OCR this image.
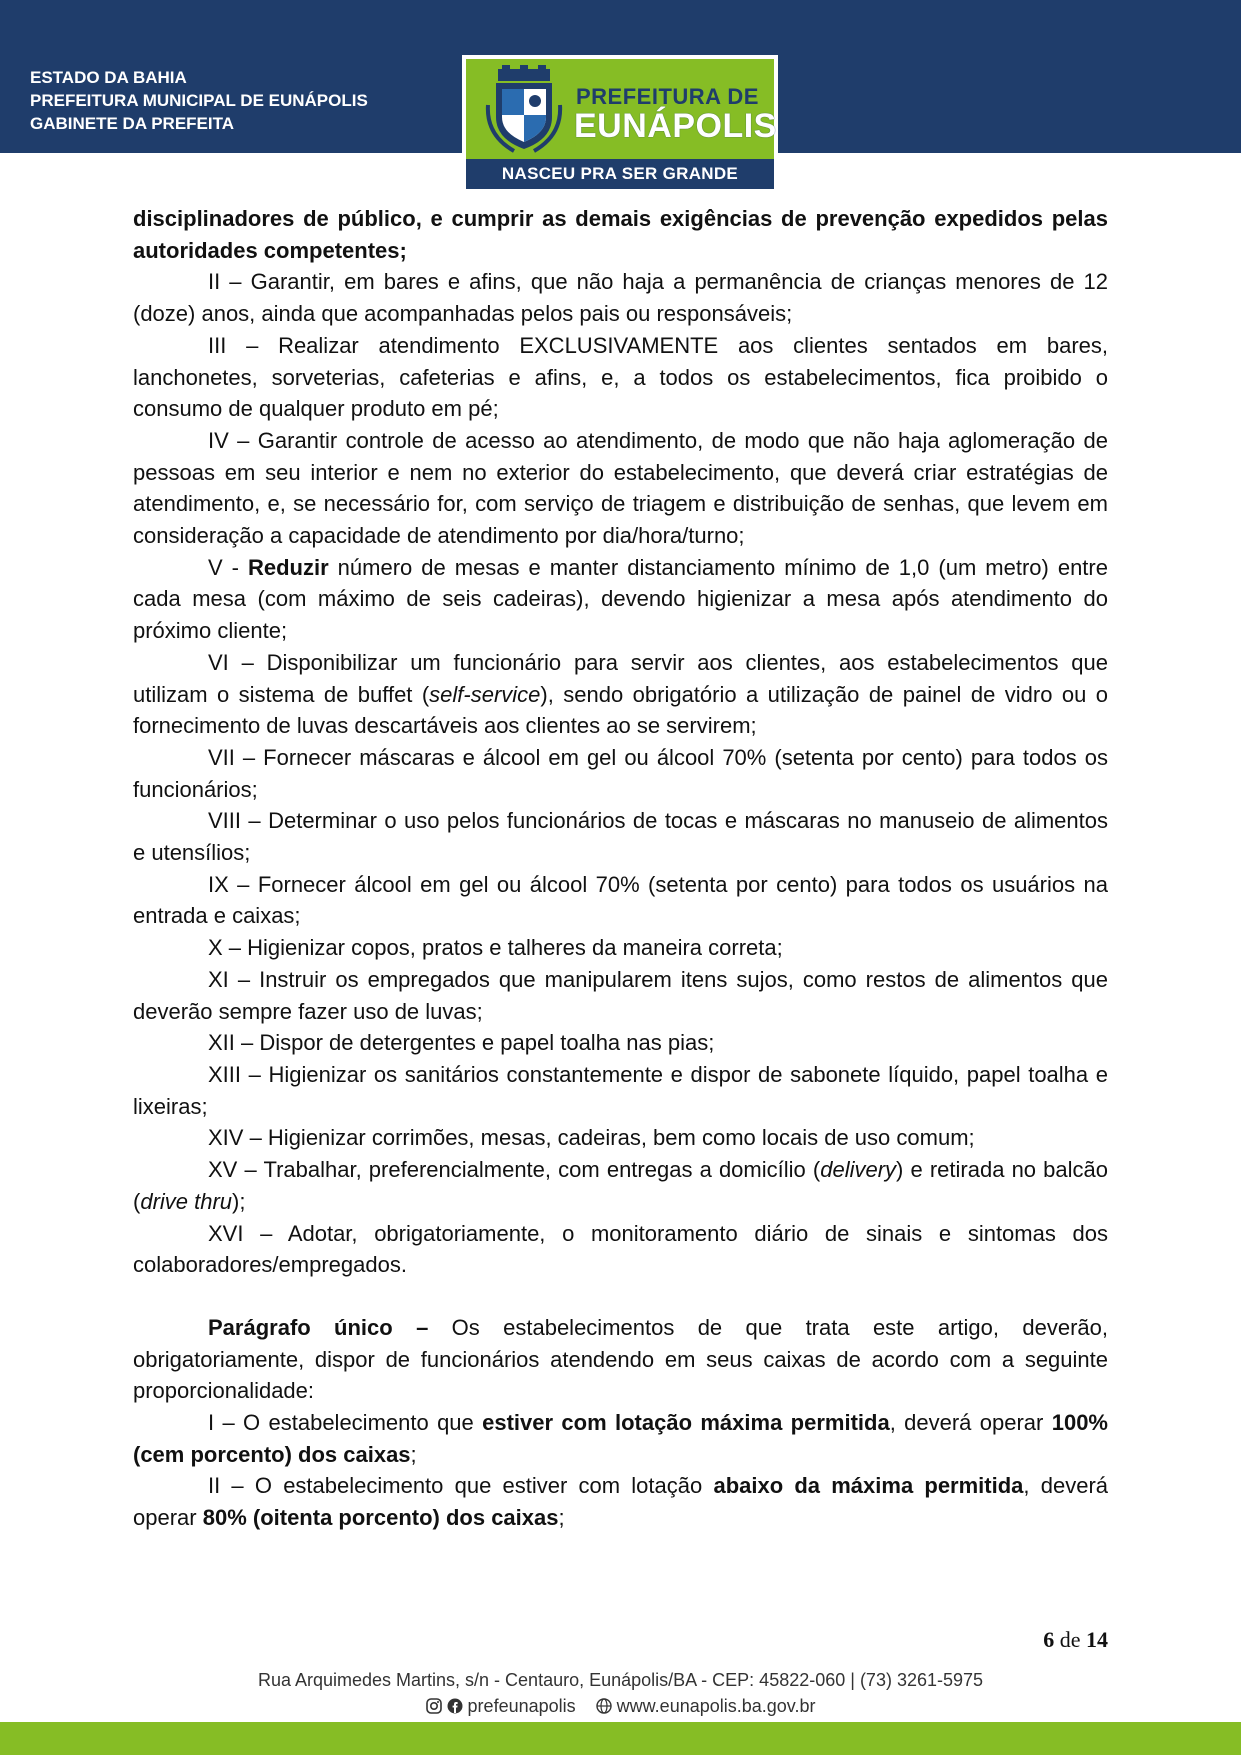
ESTADO DA BAHIA
PREFEITURA MUNICIPAL DE EUNÁPOLIS
GABINETE DA PREFEITA
PREFEITURA DE
EUNÁPOLIS
NASCEU PRA SER GRANDE

disciplinadores de público, e cumprir as demais exigências de prevenção expedidos pelas autoridades competentes;

II – Garantir, em bares e afins, que não haja a permanência de crianças menores de 12 (doze) anos, ainda que acompanhadas pelos pais ou responsáveis;

III – Realizar atendimento EXCLUSIVAMENTE aos clientes sentados em bares, lanchonetes, sorveterias, cafeterias e afins, e, a todos os estabelecimentos, fica proibido o consumo de qualquer produto em pé;

IV – Garantir controle de acesso ao atendimento, de modo que não haja aglomeração de pessoas em seu interior e nem no exterior do estabelecimento, que deverá criar estratégias de atendimento, e, se necessário for, com serviço de triagem e distribuição de senhas, que levem em consideração a capacidade de atendimento por dia/hora/turno;

V - Reduzir número de mesas e manter distanciamento mínimo de 1,0 (um metro) entre cada mesa (com máximo de seis cadeiras), devendo higienizar a mesa após atendimento do próximo cliente;

VI – Disponibilizar um funcionário para servir aos clientes, aos estabelecimentos que utilizam o sistema de buffet (self-service), sendo obrigatório a utilização de painel de vidro ou o fornecimento de luvas descartáveis aos clientes ao se servirem;

VII – Fornecer máscaras e álcool em gel ou álcool 70% (setenta por cento) para todos os funcionários;

VIII – Determinar o uso pelos funcionários de tocas e máscaras no manuseio de alimentos e utensílios;

IX – Fornecer álcool em gel ou álcool 70% (setenta por cento) para todos os usuários na entrada e caixas;

X – Higienizar copos, pratos e talheres da maneira correta;

XI – Instruir os empregados que manipularem itens sujos, como restos de alimentos que deverão sempre fazer uso de luvas;

XII – Dispor de detergentes e papel toalha nas pias;

XIII – Higienizar os sanitários constantemente e dispor de sabonete líquido, papel toalha e lixeiras;

XIV – Higienizar corrimões, mesas, cadeiras, bem como locais de uso comum;

XV – Trabalhar, preferencialmente, com entregas a domicílio (delivery) e retirada no balcão (drive thru);

XVI – Adotar, obrigatoriamente, o monitoramento diário de sinais e sintomas dos colaboradores/empregados.

Parágrafo único – Os estabelecimentos de que trata este artigo, deverão, obrigatoriamente, dispor de funcionários atendendo em seus caixas de acordo com a seguinte proporcionalidade:

I – O estabelecimento que estiver com lotação máxima permitida, deverá operar 100% (cem porcento) dos caixas;

II – O estabelecimento que estiver com lotação abaixo da máxima permitida, deverá operar 80% (oitenta porcento) dos caixas;

6 de 14
Rua Arquimedes Martins, s/n - Centauro, Eunápolis/BA - CEP: 45822-060 | (73) 3261-5975
prefeunapolis www.eunapolis.ba.gov.br
